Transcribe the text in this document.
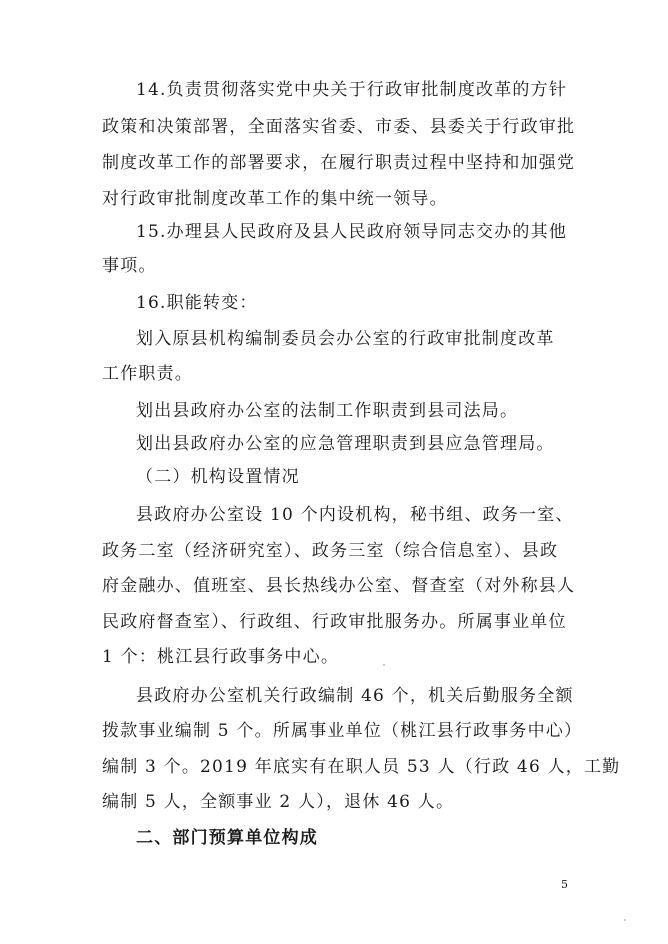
14.负责贯彻落实党中央关于行政审批制度改革的方针
政策和决策部署，全面落实省委、市委、县委关于行政审批
制度改革工作的部署要求，在履行职责过程中坚持和加强党
对行政审批制度改革工作的集中统一领导。
15.办理县人民政府及县人民政府领导同志交办的其他
事项。
16.职能转变：
划入原县机构编制委员会办公室的行政审批制度改革
工作职责。
划出县政府办公室的法制工作职责到县司法局。
划出县政府办公室的应急管理职责到县应急管理局。
（二）机构设置情况
县政府办公室设 10 个内设机构，秘书组、政务一室、
政务二室（经济研究室）、政务三室（综合信息室）、县政
府金融办、值班室、县长热线办公室、督查室（对外称县人
民政府督查室）、行政组、行政审批服务办。所属事业单位
1 个：桃江县行政事务中心。
县政府办公室机关行政编制 46 个，机关后勤服务全额
拨款事业编制 5 个。所属事业单位（桃江县行政事务中心）
编制 3 个。2019 年底实有在职人员 53 人（行政 46 人，工勤
编制 5 人，全额事业 2 人），退休 46 人。
二、部门预算单位构成
5
